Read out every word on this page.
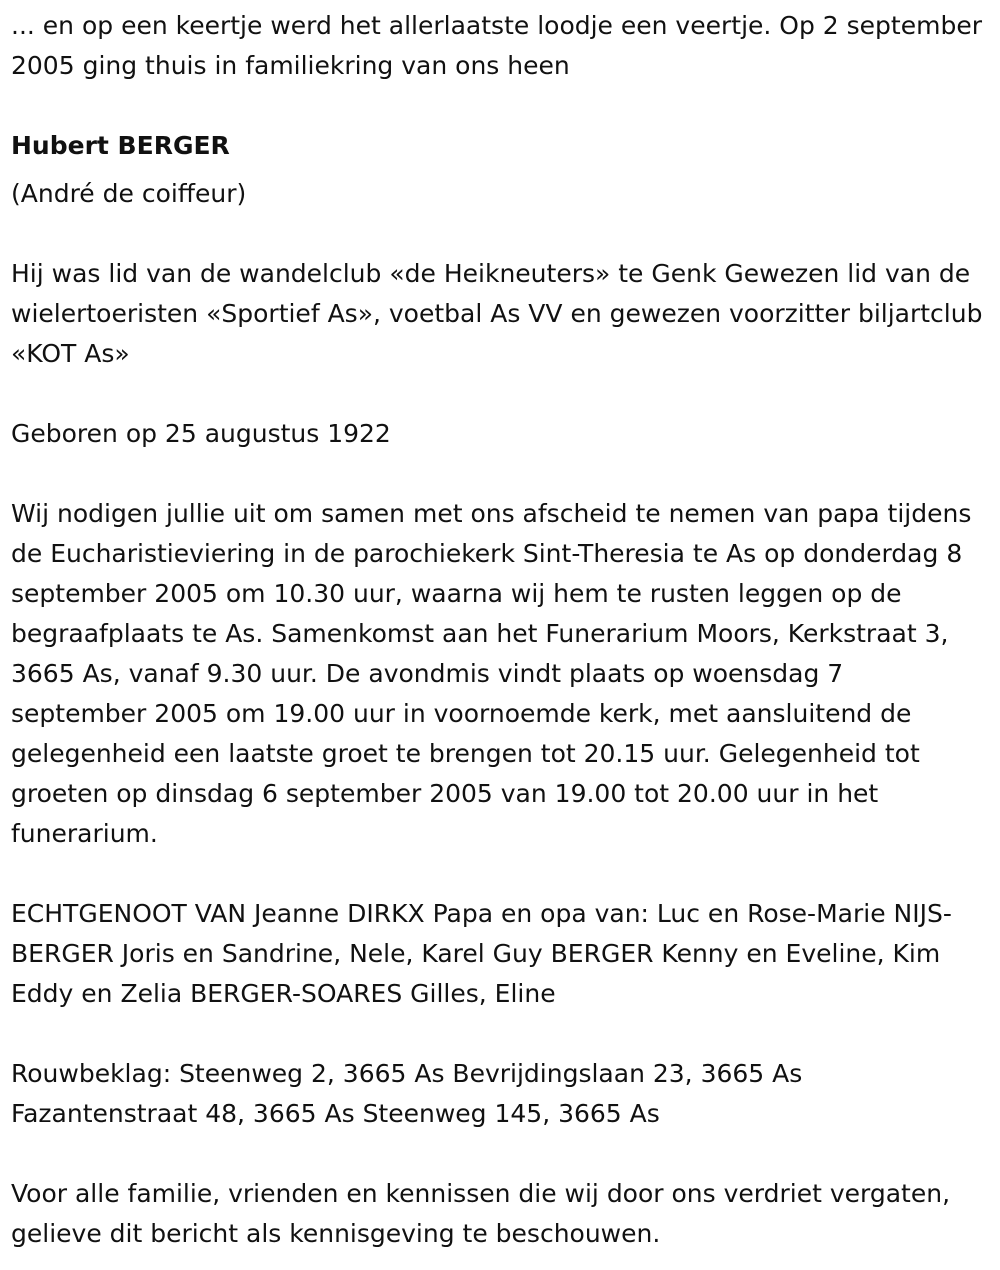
... en op een keertje werd het allerlaatste loodje een veertje. Op 2 september 2005 ging thuis in familiekring van ons heen

Hubert BERGER

(André de coiffeur)

Hij was lid van de wandelclub «de Heikneuters» te Genk Gewezen lid van de wielertoeristen «Sportief As», voetbal As VV en gewezen voorzitter biljartclub «KOT As»

Geboren op 25 augustus 1922

Wij nodigen jullie uit om samen met ons afscheid te nemen van papa tijdens de Eucharistieviering in de parochiekerk Sint-Theresia te As op donderdag 8 september 2005 om 10.30 uur, waarna wij hem te rusten leggen op de begraafplaats te As. Samenkomst aan het Funerarium Moors, Kerkstraat 3, 3665 As, vanaf 9.30 uur. De avondmis vindt plaats op woensdag 7 september 2005 om 19.00 uur in voornoemde kerk, met aansluitend de gelegenheid een laatste groet te brengen tot 20.15 uur. Gelegenheid tot groeten op dinsdag 6 september 2005 van 19.00 tot 20.00 uur in het funerarium.

ECHTGENOOT VAN Jeanne DIRKX Papa en opa van: Luc en Rose-Marie NIJS-BERGER Joris en Sandrine, Nele, Karel Guy BERGER Kenny en Eveline, Kim Eddy en Zelia BERGER-SOARES Gilles, Eline

Rouwbeklag: Steenweg 2, 3665 As Bevrijdingslaan 23, 3665 As Fazantenstraat 48, 3665 As Steenweg 145, 3665 As

Voor alle familie, vrienden en kennissen die wij door ons verdriet vergaten, gelieve dit bericht als kennisgeving te beschouwen.
